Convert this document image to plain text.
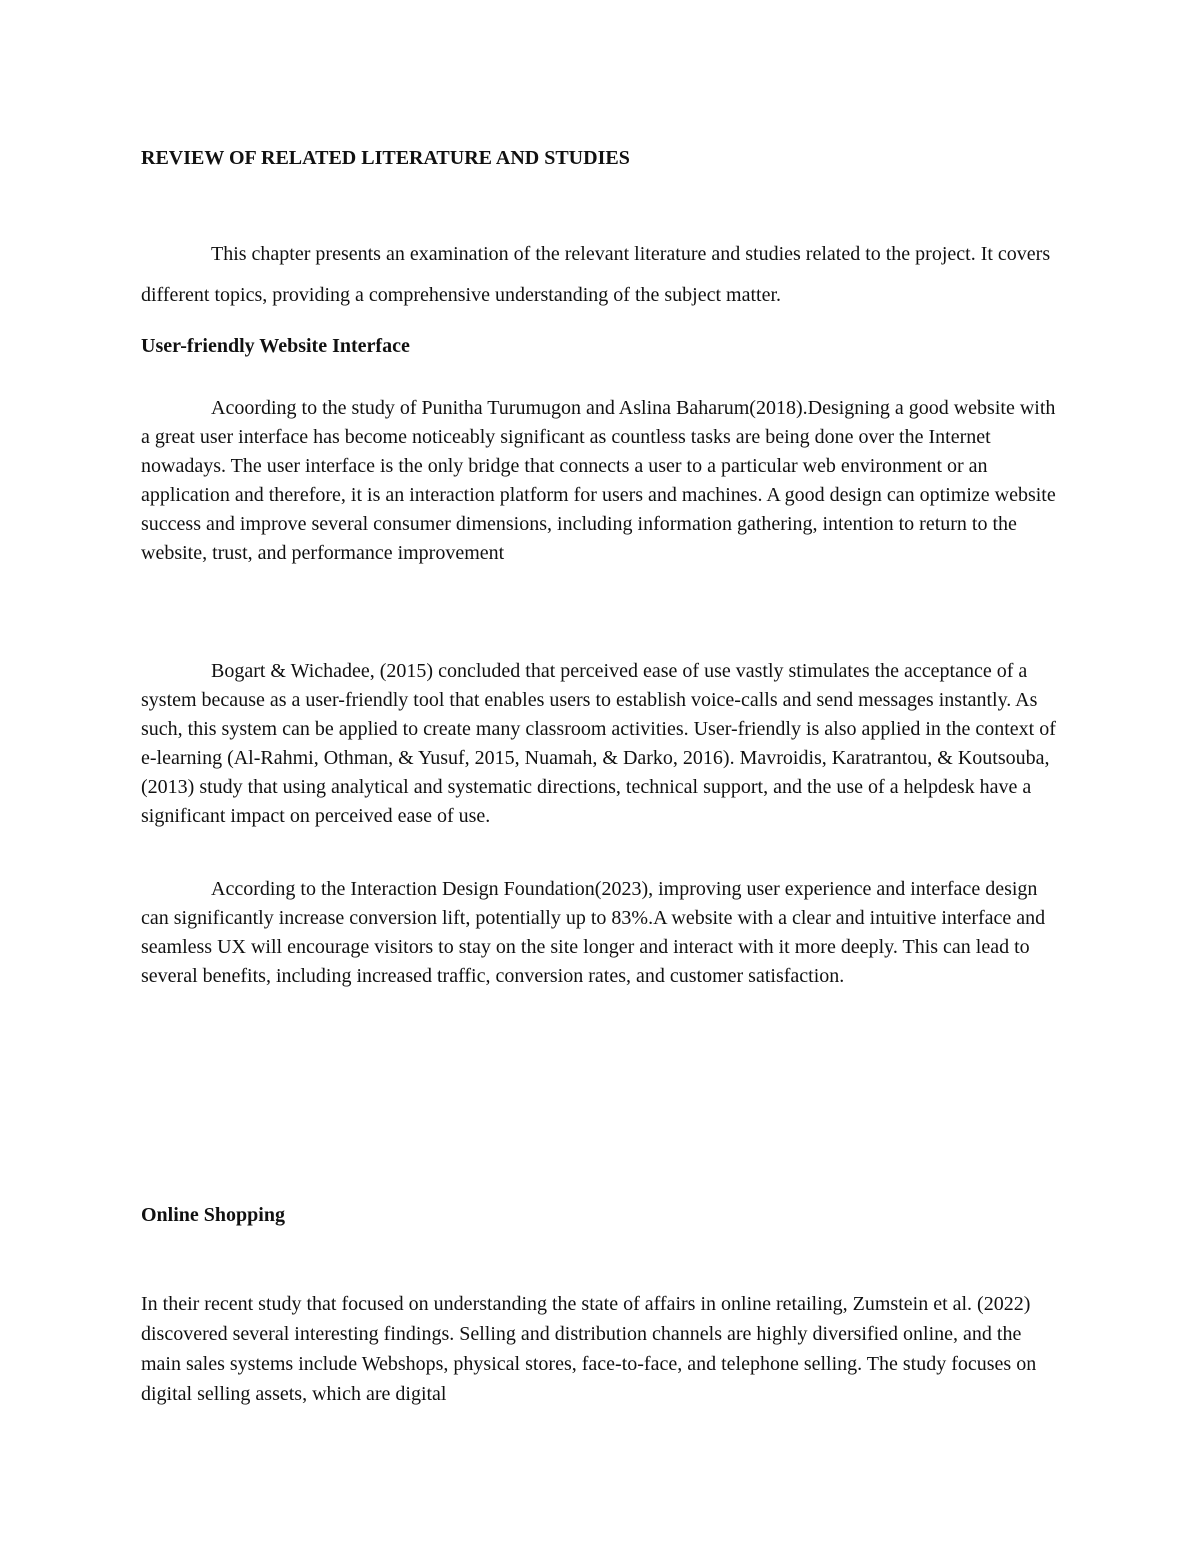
REVIEW OF RELATED LITERATURE AND STUDIES

This chapter presents an examination of the relevant literature and studies related to the project. It covers different topics, providing a comprehensive understanding of the subject matter.

User-friendly Website Interface

Acoording to the study of Punitha Turumugon and Aslina Baharum(2018).Designing a good website with a great user interface has become noticeably significant as countless tasks are being done over the Internet nowadays. The user interface is the only bridge that connects a user to a particular web environment or an application and therefore, it is an interaction platform for users and machines. A good design can optimize website success and improve several consumer dimensions, including information gathering, intention to return to the website, trust, and performance improvement

Bogart & Wichadee, (2015) concluded that perceived ease of use vastly stimulates the acceptance of a system because as a user-friendly tool that enables users to establish voice-calls and send messages instantly. As such, this system can be applied to create many classroom activities. User-friendly is also applied in the context of e-learning (Al-Rahmi, Othman, & Yusuf, 2015, Nuamah, & Darko, 2016). Mavroidis, Karatrantou, & Koutsouba, (2013) study that using analytical and systematic directions, technical support, and the use of a helpdesk have a significant impact on perceived ease of use.

According to the Interaction Design Foundation(2023), improving user experience and interface design can significantly increase conversion lift, potentially up to 83%.A website with a clear and intuitive interface and seamless UX will encourage visitors to stay on the site longer and interact with it more deeply. This can lead to several benefits, including increased traffic, conversion rates, and customer satisfaction.

Online Shopping

In their recent study that focused on understanding the state of affairs in online retailing, Zumstein et al. (2022) discovered several interesting findings. Selling and distribution channels are highly diversified online, and the main sales systems include Webshops, physical stores, face-to-face, and telephone selling. The study focuses on digital selling assets, which are digital
